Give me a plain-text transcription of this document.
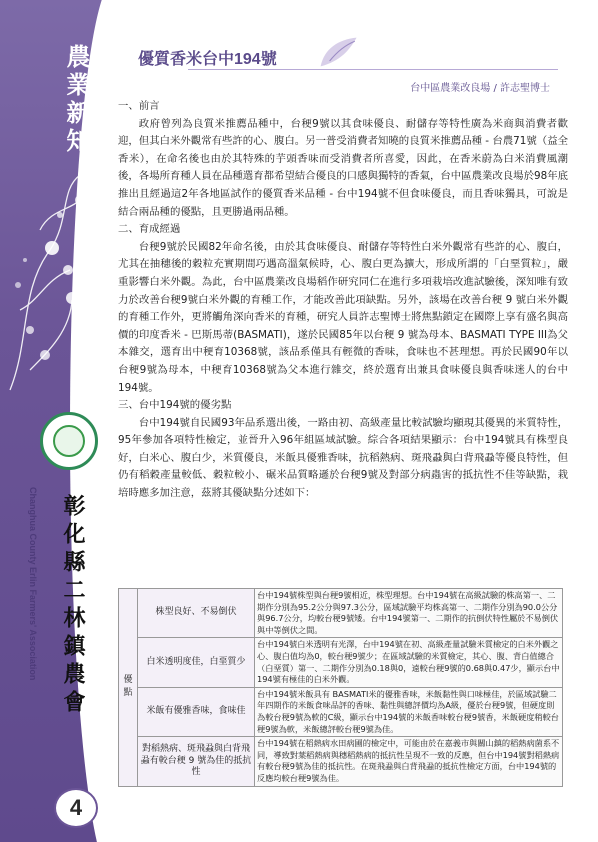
農業新知
Changhua County Erlin Farmers' Association	彰化縣二林鎮農會
4
優質香米台中194號
台中區農業改良場 / 許志聖博士

一、前言

政府曾列為良質米推薦品種中，台稉9號以其食味優良、耐儲存等特性廣為米商與消費者歡迎，但其白米外觀常有些許的心、腹白。另一普受消費者知曉的良質米推薦品種 - 台農71號（益全香米），在命名後也由於其特殊的芋頭香味而受消費者所喜愛，因此，在香米蔚為白米消費風潮後，各場所育種人員在品種選育都希望結合優良的口感與獨特的香氣，台中區農業改良場於98年底推出且經過這2年各地區試作的優質香米品種 - 台中194號不但食味優良，而且香味獨具，可說是結合兩品種的優點，且更勝過兩品種。

二、育成經過

台稉9號於民國82年命名後，由於其食味優良、耐儲存等特性白米外觀常有些許的心、腹白，尤其在抽穗後的穀粒充實期間巧遇高溫氣候時，心、腹白更為擴大，形成所謂的「白堊質粒」，嚴重影響白米外觀。為此，台中區農業改良場稻作研究同仁在進行多項栽培改進試驗後，深知唯有致力於改善台稉9號白米外觀的育種工作，才能改善此項缺點。另外，該場在改善台稉 9 號白米外觀的育種工作外，更將觸角深向香米的育種，研究人員許志聖博士將焦點鎖定在國際上享有盛名與高價的印度香米 - 巴斯馬蒂(BASMATI)，遂於民國85年以台稉 9 號為母本、BASMATI TYPE III為父本雜交，選育出中稉育10368號，該品系僅具有輕微的香味，食味也不甚理想。再於民國90年以台稉9號為母本，中稉育10368號為父本進行雜交，終於選育出兼具食味優良與香味迷人的台中194號。

三、台中194號的優劣點

台中194號自民國93年品系選出後，一路由初、高級產量比較試驗均顯現其優異的米質特性，95年參加各項特性檢定，並晉升入96年組區域試驗。綜合各項結果顯示：台中194號具有株型良好，白米心、腹白少，米質優良，米飯具優雅香味，抗稻熱病、斑飛蝨與白背飛蝨等優良特性，但仍有稻穀產量較低、穀粒較小、碾米品質略遜於台稉9號及對部分病蟲害的抵抗性不佳等缺點，栽培時應多加注意，茲將其優缺點分述如下：

優點	株型良好、不易倒伏	台中194號株型與台稉9號相近，株型理想。台中194號在高級試驗的株高第一、二期作分別為95.2公分與97.3公分，區域試驗平均株高第一、二期作分別為90.0公分與96.7公分，均較台稉9號矮。台中194號第一、二期作的抗倒伏特性屬於不易倒伏與中等倒伏之間。
	白米透明度佳，白堊質少	台中194號白米透明有光澤，台中194號在初、高級產量試驗米質檢定的白米外觀之心、腹白值均為0，較台稉9號少；在區域試驗的米質檢定，其心、腹、背白值總合（白堊質）第一、二期作分別為0.18與0，遠較台稉9號的0.68與0.47少，顯示台中194號有極佳的白米外觀。
	米飯有優雅香味，食味佳	台中194號米飯具有 BASMATI米的優雅香味，米飯黏性與口味極佳，於區域試驗二年四期作的米飯食味品評的香味、黏性與總評價均為A級，優於台稉9號，但硬度則為較台稉9號為軟的C級，顯示台中194號的米飯香味較台稉9號香，米飯硬度稍較台稉9號為軟，米飯總評較台稉9號為佳。
	對稻熱病、斑飛蝨與白背飛蝨有較台稉 9 號為佳的抵抗性	台中194號在稻熱病水田病圃的檢定中，可能由於在嘉義市與關山鎮的稻熱病菌系不同，導致對葉稻熱病與穗稻熱病的抵抗性呈現不一致的反應，但台中194號對稻熱病有較台稉9號為佳的抵抗性。在斑飛蝨與白背飛蝨的抵抗性檢定方面，台中194號的反應均較台稉9號為佳。
